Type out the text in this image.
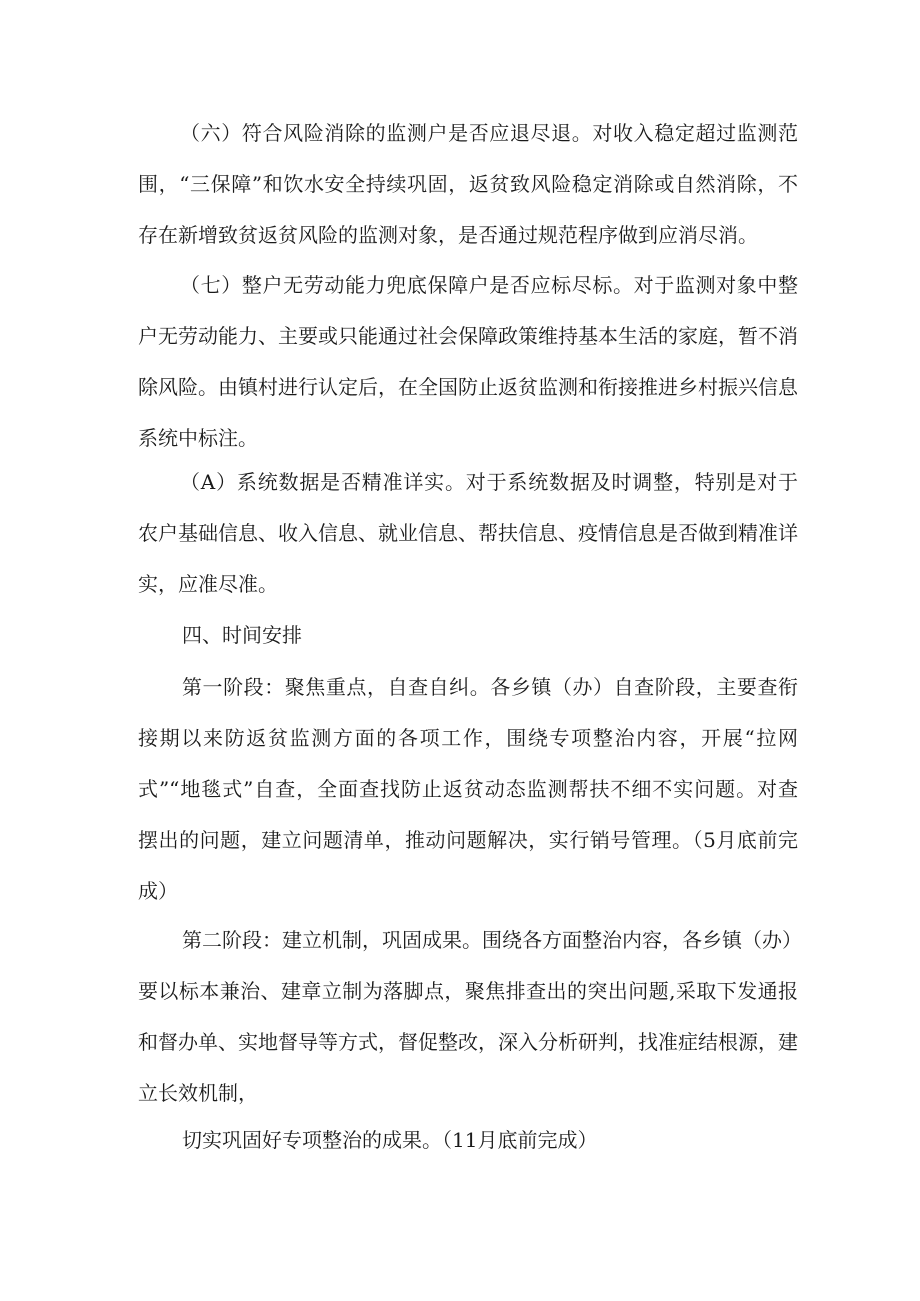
（六）符合风险消除的监测户是否应退尽退。对收入稳定超过监测范
围，“三保障”和饮水安全持续巩固，返贫致风险稳定消除或自然消除，不
存在新增致贫返贫风险的监测对象，是否通过规范程序做到应消尽消。
（七）整户无劳动能力兜底保障户是否应标尽标。对于监测对象中整
户无劳动能力、主要或只能通过社会保障政策维持基本生活的家庭，暂不消
除风险。由镇村进行认定后，在全国防止返贫监测和衔接推进乡村振兴信息
系统中标注。
（A）系统数据是否精准详实。对于系统数据及时调整，特别是对于
农户基础信息、收入信息、就业信息、帮扶信息、疫情信息是否做到精准详
实，应准尽准。
四、时间安排
第一阶段：聚焦重点，自查自纠。各乡镇（办）自查阶段，主要查衔
接期以来防返贫监测方面的各项工作，围绕专项整治内容，开展“拉网
式”“地毯式”自查，全面查找防止返贫动态监测帮扶不细不实问题。对查
摆出的问题，建立问题清单，推动问题解决，实行销号管理。（5月底前完
成）
第二阶段：建立机制，巩固成果。围绕各方面整治内容，各乡镇（办）
要以标本兼治、建章立制为落脚点，聚焦排查出的突出问题,采取下发通报
和督办单、实地督导等方式，督促整改，深入分析研判，找准症结根源，建
立长效机制，
切实巩固好专项整治的成果。（11月底前完成）
